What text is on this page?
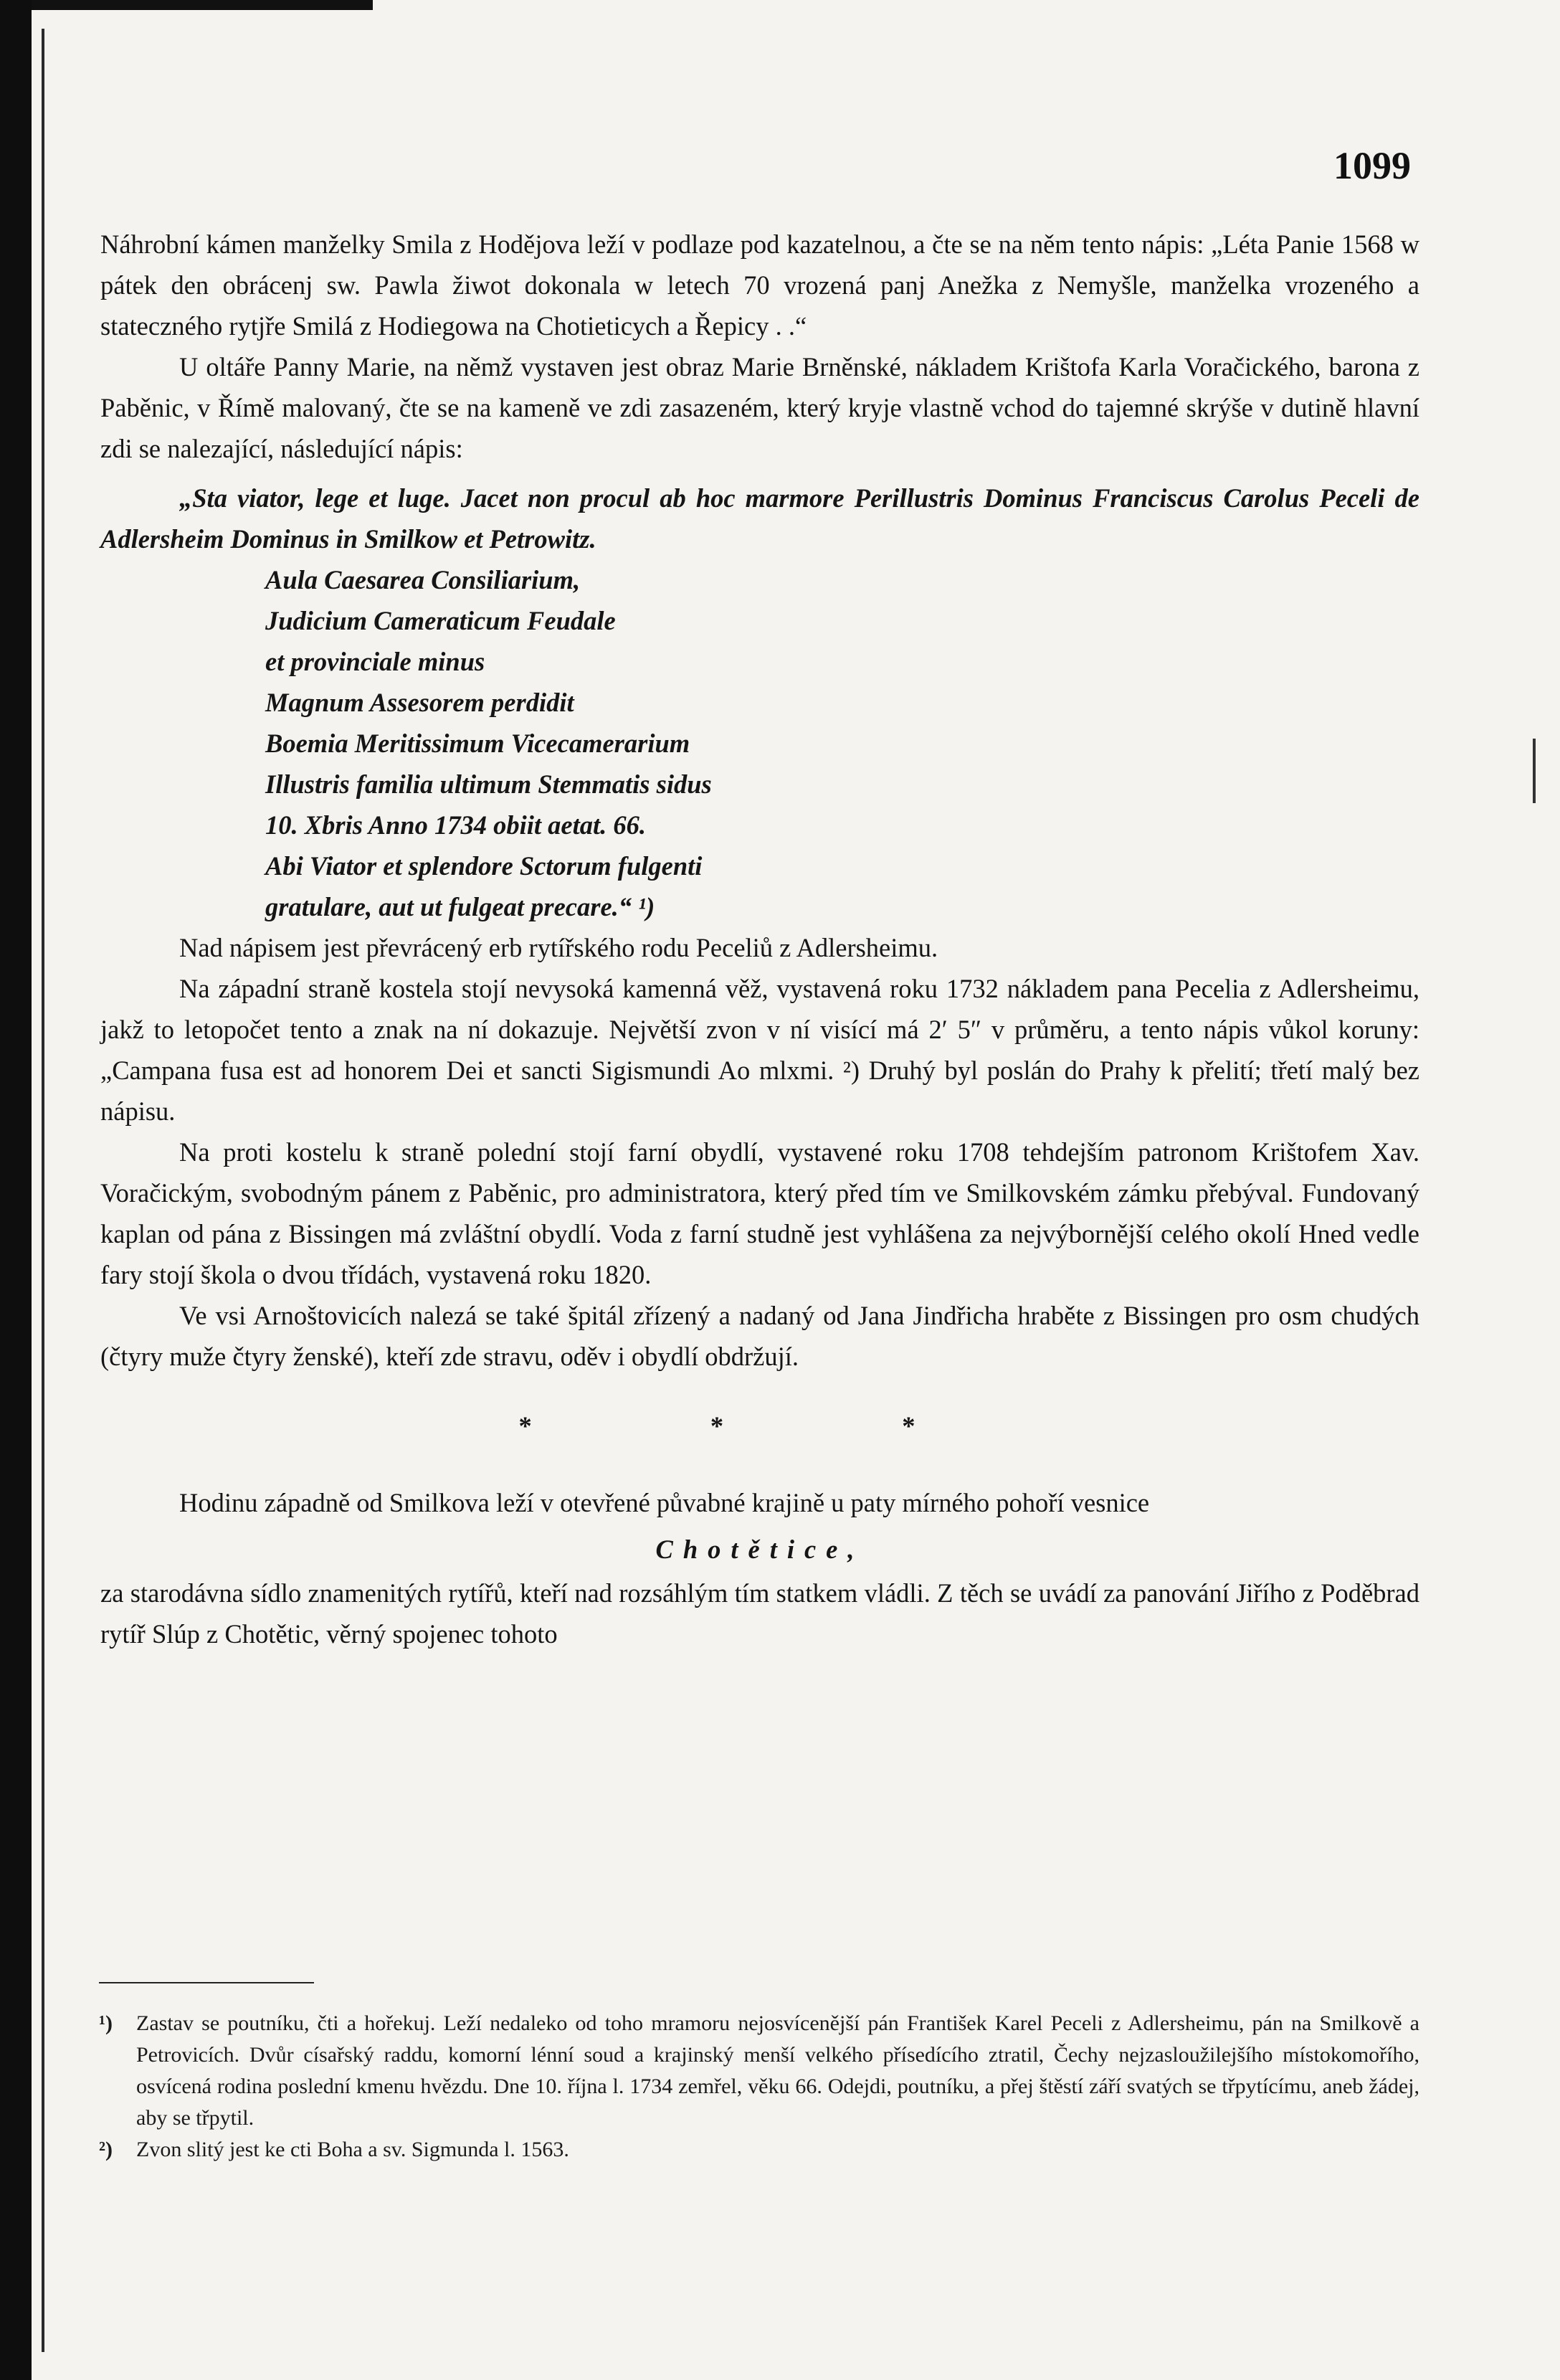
1099

Náhrobní kámen manželky Smila z Hodějova leží v podlaze pod kazatelnou, a čte se na něm tento nápis: „Léta Panie 1568 w pátek den obrácenj sw. Pawla žiwot dokonala w letech 70 vrozená panj Anežka z Nemyšle, manželka vrozeného a stateczného rytjře Smilá z Hodiegowa na Chotieticych a Řepicy . .“

U oltáře Panny Marie, na němž vystaven jest obraz Marie Brněnské, nákladem Krištofa Karla Voračického, barona z Paběnic, v Římě malovaný, čte se na kameně ve zdi zasazeném, který kryje vlastně vchod do tajemné skrýše v dutině hlavní zdi se nalezající, následující nápis:

„Sta viator, lege et luge. Jacet non procul ab hoc marmore Perillustris Dominus Franciscus Carolus Peceli de Adlersheim Dominus in Smilkow et Petrowitz.

Aula Caesarea Consiliarium,
Judicium Cameraticum Feudale
et provinciale minus
Magnum Assesorem perdidit
Boemia Meritissimum Vicecamerarium
Illustris familia ultimum Stemmatis sidus
10. Xbris Anno 1734 obiit aetat. 66.
Abi Viator et splendore Sctorum fulgenti
gratulare, aut ut fulgeat precare.“ ¹)

Nad nápisem jest převrácený erb rytířského rodu Peceliů z Adlersheimu.

Na západní straně kostela stojí nevysoká kamenná věž, vystavená roku 1732 nákladem pana Pecelia z Adlersheimu, jakž to letopočet tento a znak na ní dokazuje. Největší zvon v ní visící má 2′ 5″ v průměru, a tento nápis vůkol koruny: „Campana fusa est ad honorem Dei et sancti Sigismundi Ao mlxmi. ²) Druhý byl poslán do Prahy k přelití; třetí malý bez nápisu.

Na proti kostelu k straně polední stojí farní obydlí, vystavené roku 1708 tehdejším patronom Krištofem Xav. Voračickým, svobodným pánem z Paběnic, pro administratora, který před tím ve Smilkovském zámku přebýval. Fundovaný kaplan od pána z Bissingen má zvláštní obydlí. Voda z farní studně jest vyhlášena za nejvýbornější celého okolí Hned vedle fary stojí škola o dvou třídách, vystavená roku 1820.

Ve vsi Arnoštovicích nalezá se také špitál zřízený a nadaný od Jana Jindřicha hraběte z Bissingen pro osm chudých (čtyry muže čtyry ženské), kteří zde stravu, oděv i obydlí obdržují.

* * *

Hodinu západně od Smilkova leží v otevřené půvabné krajině u paty mírného pohoří vesnice

Chotětice,

za starodávna sídlo znamenitých rytířů, kteří nad rozsáhlým tím statkem vládli. Z těch se uvádí za panování Jiřího z Poděbrad rytíř Slúp z Chotětic, věrný spojenec tohoto

¹) Zastav se poutníku, čti a hořekuj. Leží nedaleko od toho mramoru nejosvícenější pán František Karel Peceli z Adlersheimu, pán na Smilkově a Petrovicích. Dvůr císařský raddu, komorní lénní soud a krajinský menší velkého přísedícího ztratil, Čechy nejzasloužilejšího místokomořího, osvícená rodina poslední kmenu hvězdu. Dne 10. října l. 1734 zemřel, věku 66. Odejdi, poutníku, a přej štěstí září svatých se třpytícímu, aneb žádej, aby se třpytil.

²) Zvon slitý jest ke cti Boha a sv. Sigmunda l. 1563.
